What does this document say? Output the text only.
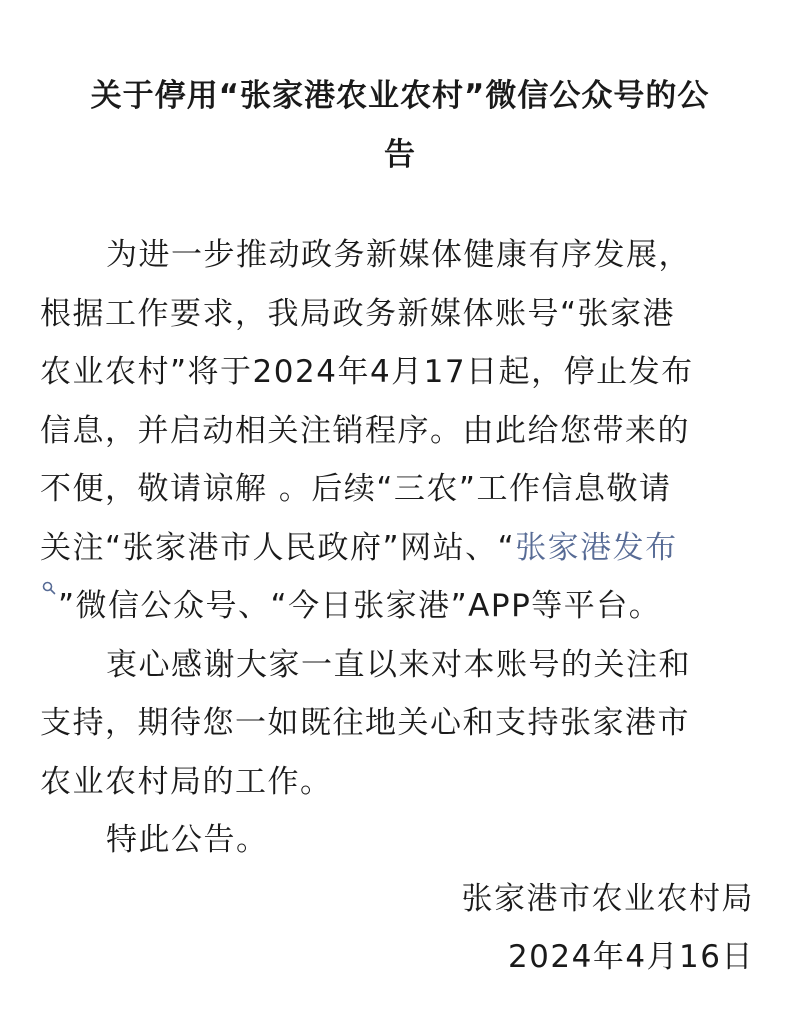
关于停用“张家港农业农村”微信公众号的公
告
为进一步推动政务新媒体健康有序发展，
根据工作要求，我局政务新媒体账号“张家港
农业农村”将于2024年4月17日起，停止发布
信息，并启动相关注销程序。由此给您带来的
不便，敬请谅解 。后续“三农”工作信息敬请
关注“张家港市人民政府”网站、“张家港发布
”微信公众号、“今日张家港”APP等平台。
衷心感谢大家一直以来对本账号的关注和
支持，期待您一如既往地关心和支持张家港市
农业农村局的工作。
特此公告。
张家港市农业农村局
2024年4月16日
